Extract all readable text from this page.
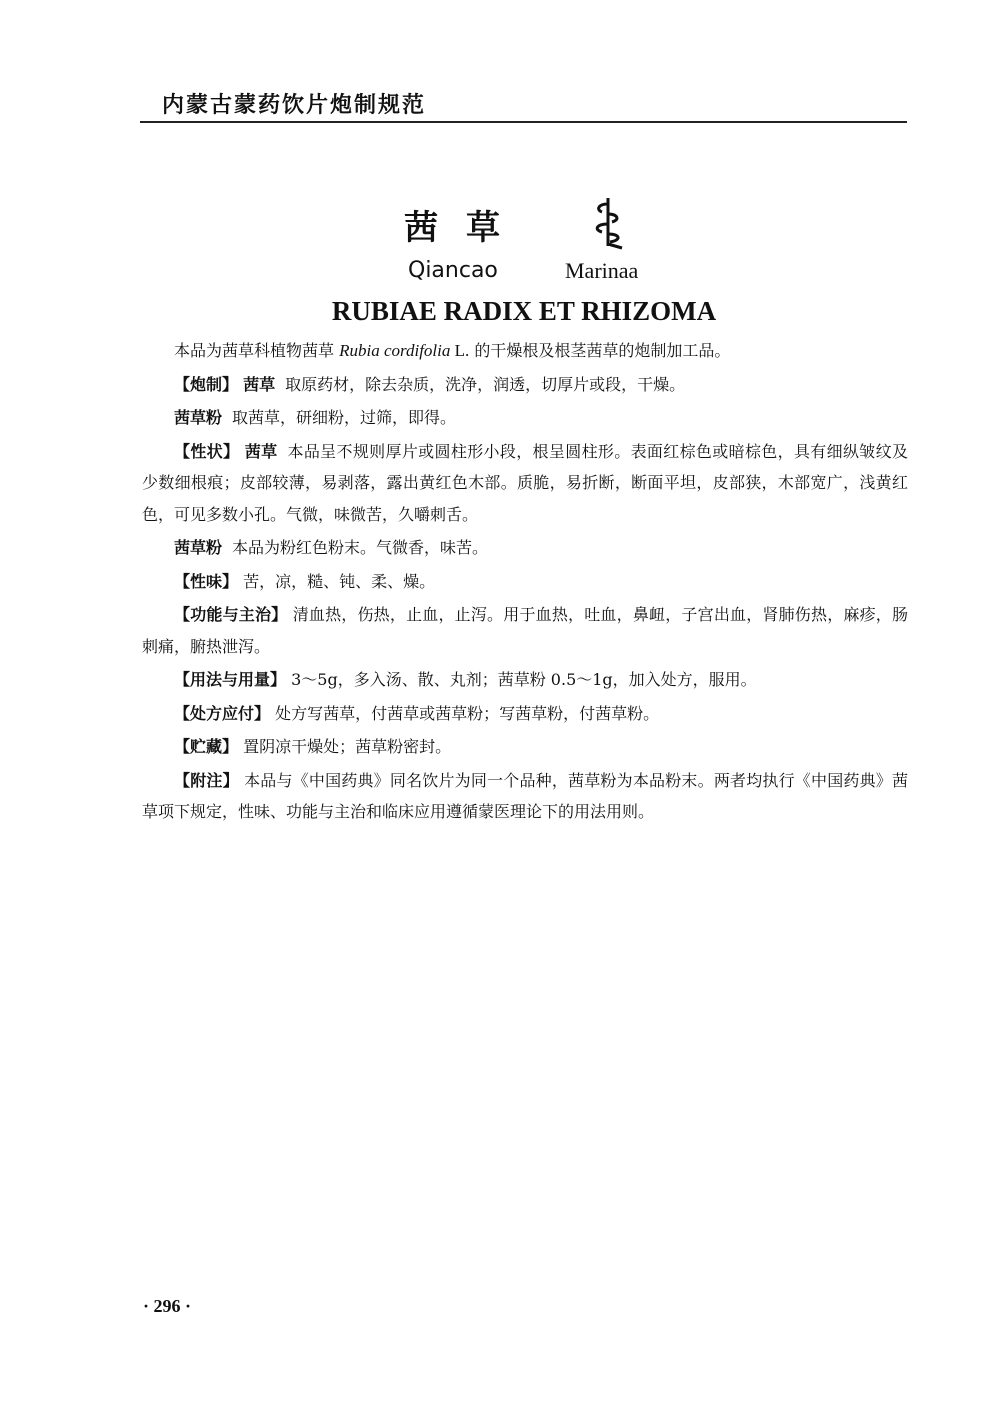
内蒙古蒙药饮片炮制规范
茜草
Qiancao	Marinaa
RUBIAE RADIX ET RHIZOMA

本品为茜草科植物茜草 Rubia cordifolia L. 的干燥根及根茎茜草的炮制加工品。

【炮制】 茜草 取原药材，除去杂质，洗净，润透，切厚片或段，干燥。

茜草粉 取茜草，研细粉，过筛，即得。

【性状】 茜草 本品呈不规则厚片或圆柱形小段，根呈圆柱形。表面红棕色或暗棕色，具有细纵皱纹及少数细根痕；皮部较薄，易剥落，露出黄红色木部。质脆，易折断，断面平坦，皮部狭，木部宽广，浅黄红色，可见多数小孔。气微，味微苦，久嚼刺舌。

茜草粉 本品为粉红色粉末。气微香，味苦。

【性味】 苦，凉，糙、钝、柔、燥。

【功能与主治】 清血热，伤热，止血，止泻。用于血热，吐血，鼻衄，子宫出血，肾肺伤热，麻疹，肠刺痛，腑热泄泻。

【用法与用量】 3～5g，多入汤、散、丸剂；茜草粉 0.5～1g，加入处方，服用。

【处方应付】 处方写茜草，付茜草或茜草粉；写茜草粉，付茜草粉。

【贮藏】 置阴凉干燥处；茜草粉密封。

【附注】 本品与《中国药典》同名饮片为同一个品种，茜草粉为本品粉末。两者均执行《中国药典》茜草项下规定，性味、功能与主治和临床应用遵循蒙医理论下的用法用则。

· 296 ·
